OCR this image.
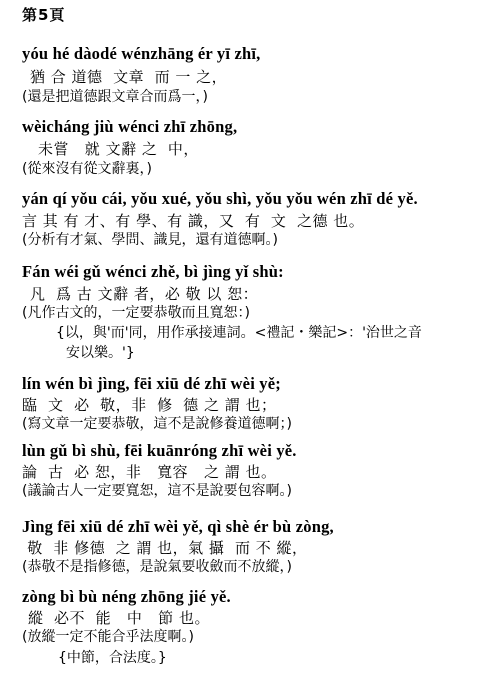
第5頁
yóu hé dàodé wénzhāng ér yī zhī,
猶 合 道德  文章  而 一 之，
(還是把道德跟文章合而爲一，)
wèicháng jiù wénci zhī zhōng,
未嘗   就 文辭 之  中，
(從來沒有從文辭裏，)
yán qí yǒu cái, yǒu xué, yǒu shì, yǒu yǒu wén zhī dé yě.
言 其 有 才、有 學、有 識，又  有  文  之德 也。
(分析有才氣、學問、識見，還有道德啊。)
Fán wéi gǔ wénci zhě, bì jìng yǐ shù:
凡  爲 古 文辭 者，必 敬 以 恕：
(凡作古文的，一定要恭敬而且寬恕：)
{以，與'而'同，用作承接連詞。<禮記・樂記>：'治世之音
安以樂。'}
lín wén bì jìng, fēi xiū dé zhī wèi yě;
臨  文  必  敬，非  修  德 之 謂 也；
(寫文章一定要恭敬，這不是說修養道德啊；)
lùn gǔ bì shù, fēi kuānróng zhī wèi yě.
論  古  必 恕，非   寬容   之 謂 也。
(議論古人一定要寬恕，這不是說要包容啊。)
Jìng fēi xiū dé zhī wèi yě, qì shè ér bù zòng,
敬  非 修德  之 謂 也，氣 攝  而 不 縱，
(恭敬不是指修德，是說氣要收斂而不放縱，)
zòng bì bù néng zhōng jié yě.
縱  必不  能   中   節 也。
(放縱一定不能合乎法度啊。)
{中節，合法度。}
